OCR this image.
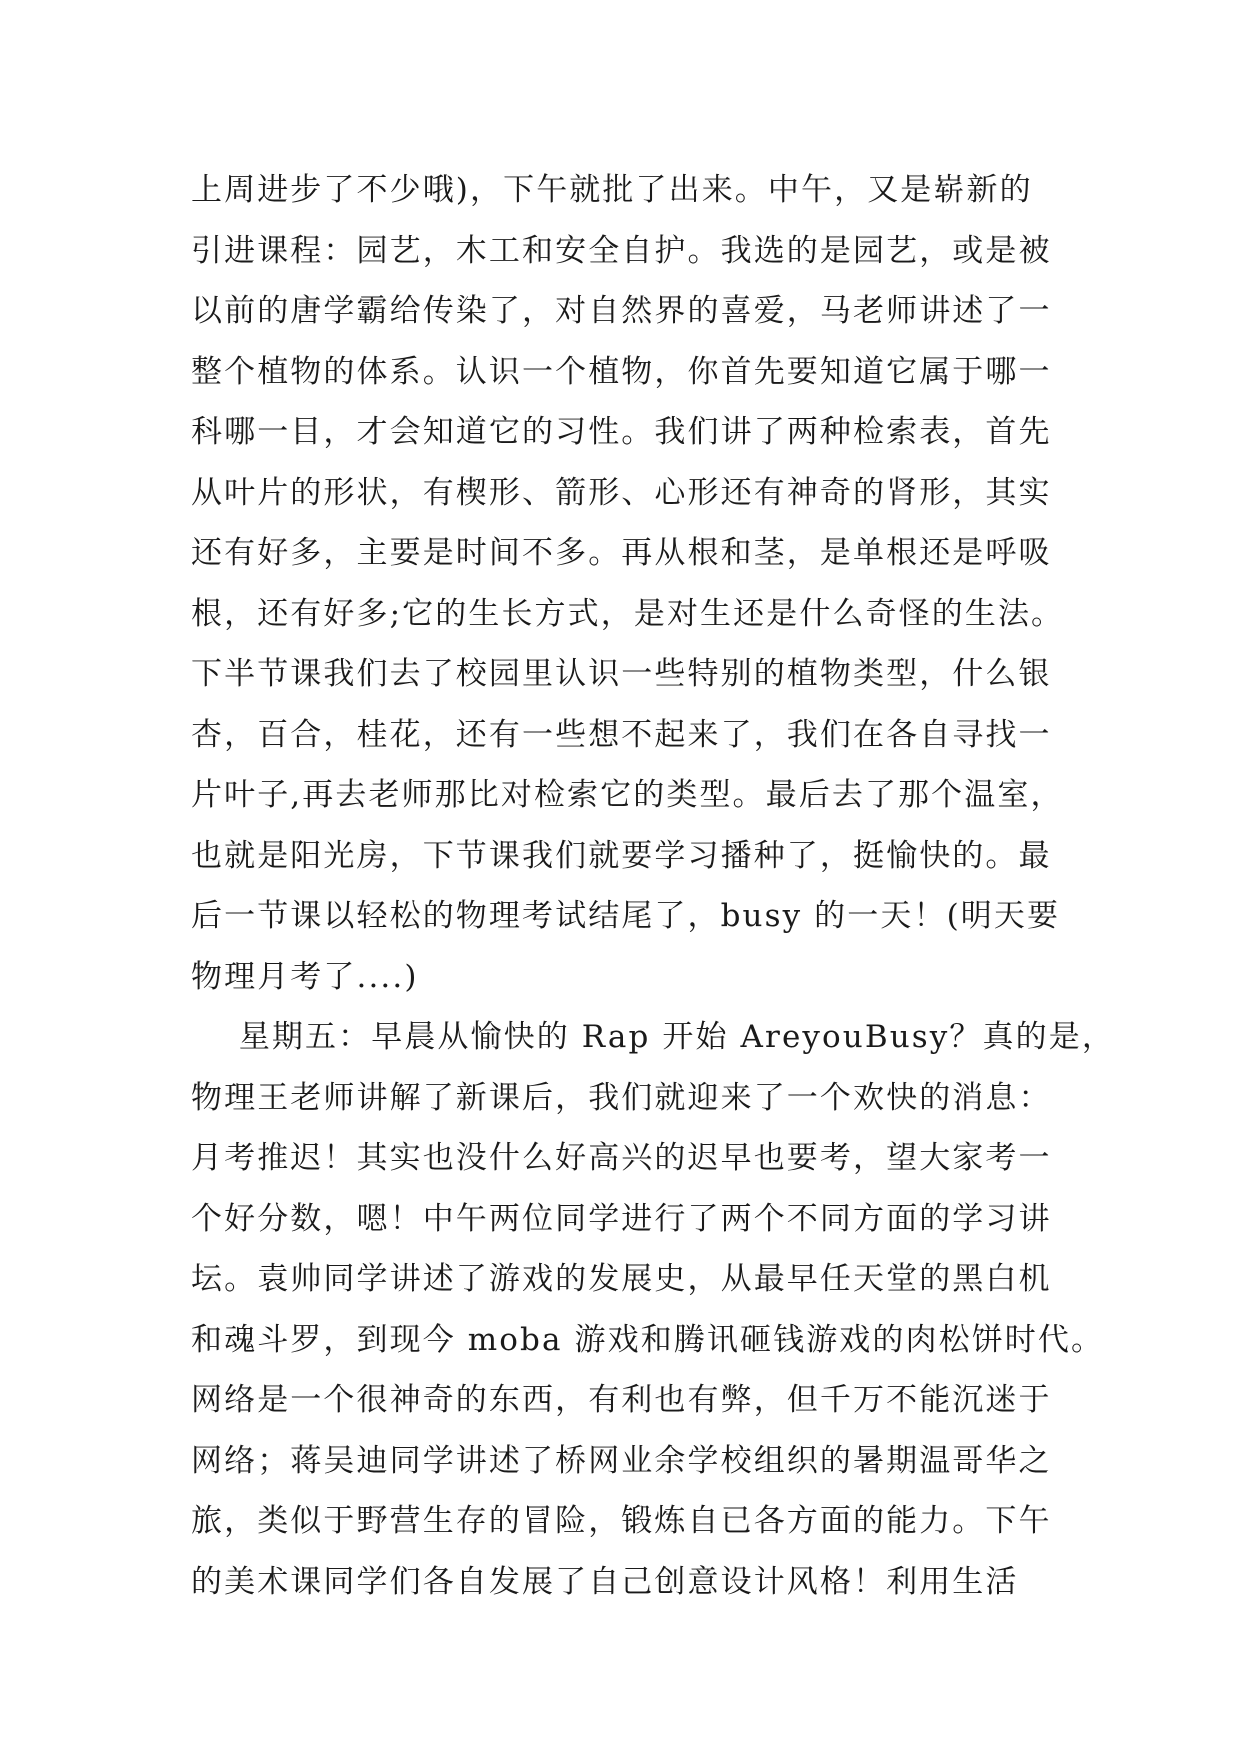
上周进步了不少哦)，下午就批了出来。中午，又是崭新的
引进课程：园艺，木工和安全自护。我选的是园艺，或是被
以前的唐学霸给传染了，对自然界的喜爱，马老师讲述了一
整个植物的体系。认识一个植物，你首先要知道它属于哪一
科哪一目，才会知道它的习性。我们讲了两种检索表，首先
从叶片的形状，有楔形、箭形、心形还有神奇的肾形，其实
还有好多，主要是时间不多。再从根和茎，是单根还是呼吸
根，还有好多;它的生长方式，是对生还是什么奇怪的生法。
下半节课我们去了校园里认识一些特别的植物类型，什么银
杏，百合，桂花，还有一些想不起来了，我们在各自寻找一
片叶子,再去老师那比对检索它的类型。最后去了那个温室，
也就是阳光房，下节课我们就要学习播种了，挺愉快的。最
后一节课以轻松的物理考试结尾了，busy 的一天！(明天要
物理月考了....)
星期五：早晨从愉快的 Rap 开始 AreyouBusy？真的是，
物理王老师讲解了新课后，我们就迎来了一个欢快的消息：
月考推迟！其实也没什么好高兴的迟早也要考，望大家考一
个好分数，嗯！中午两位同学进行了两个不同方面的学习讲
坛。袁帅同学讲述了游戏的发展史，从最早任天堂的黑白机
和魂斗罗，到现今 moba 游戏和腾讯砸钱游戏的肉松饼时代。
网络是一个很神奇的东西，有利也有弊，但千万不能沉迷于
网络；蒋吴迪同学讲述了桥网业余学校组织的暑期温哥华之
旅，类似于野营生存的冒险，锻炼自已各方面的能力。下午
的美术课同学们各自发展了自己创意设计风格！利用生活
